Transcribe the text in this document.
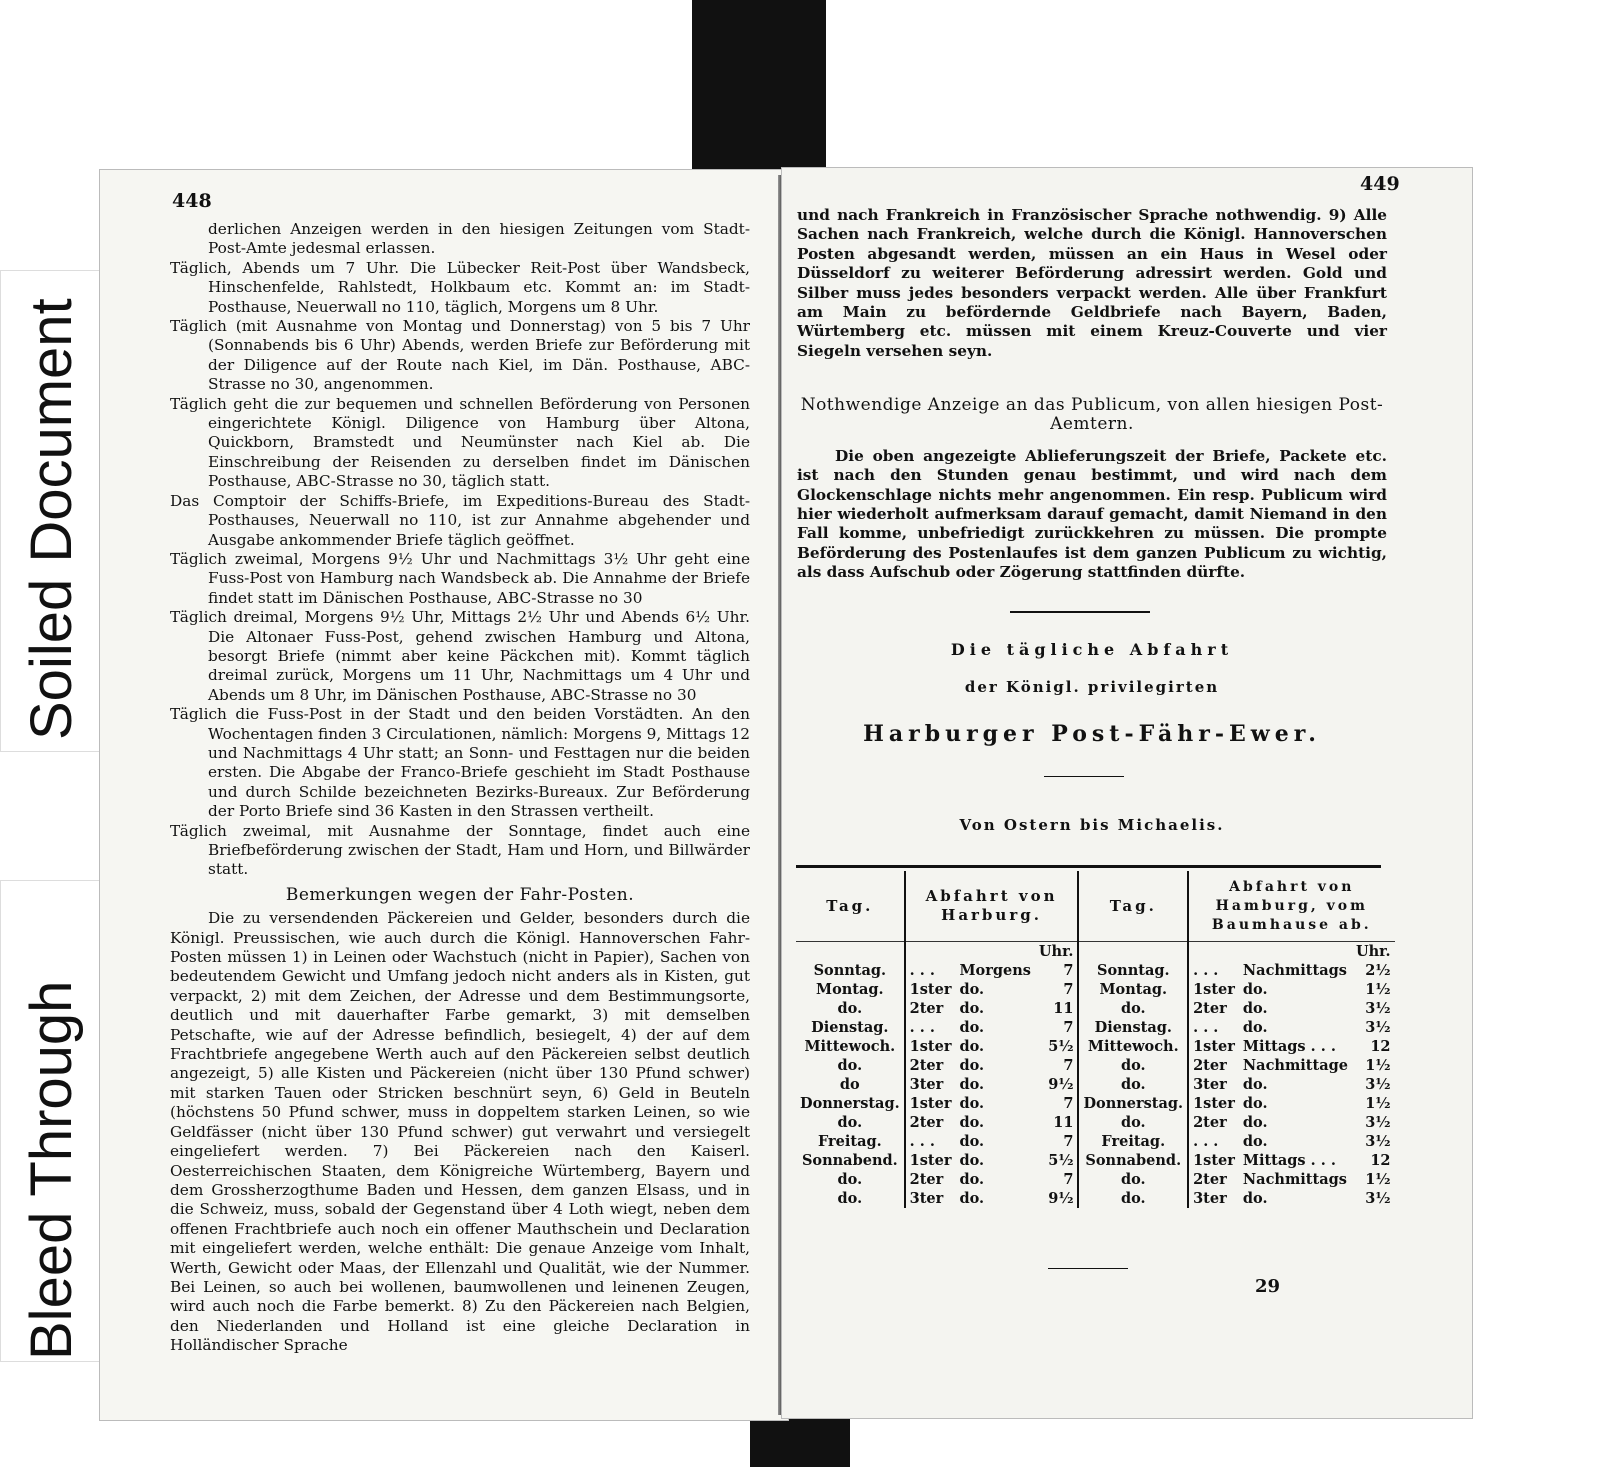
Soiled Document
Bleed Through
448

derlichen Anzeigen werden in den hiesigen Zeitungen vom Stadt-Post-Amte jedesmal erlassen.

Täglich, Abends um 7 Uhr. Die Lübecker Reit-Post über Wandsbeck, Hinschenfelde, Rahlstedt, Holkbaum etc. Kommt an: im Stadt-Posthause, Neuerwall no 110, täglich, Morgens um 8 Uhr.

Täglich (mit Ausnahme von Montag und Donnerstag) von 5 bis 7 Uhr (Sonnabends bis 6 Uhr) Abends, werden Briefe zur Beförderung mit der Diligence auf der Route nach Kiel, im Dän. Posthause, ABC-Strasse no 30, angenommen.

Täglich geht die zur bequemen und schnellen Beförderung von Personen eingerichtete Königl. Diligence von Hamburg über Altona, Quickborn, Bramstedt und Neumünster nach Kiel ab. Die Einschreibung der Reisenden zu derselben findet im Dänischen Posthause, ABC-Strasse no 30, täglich statt.

Das Comptoir der Schiffs-Briefe, im Expeditions-Bureau des Stadt-Posthauses, Neuerwall no 110, ist zur Annahme abgehender und Ausgabe ankommender Briefe täglich geöffnet.

Täglich zweimal, Morgens 9½ Uhr und Nachmittags 3½ Uhr geht eine Fuss-Post von Hamburg nach Wandsbeck ab. Die Annahme der Briefe findet statt im Dänischen Posthause, ABC-Strasse no 30

Täglich dreimal, Morgens 9½ Uhr, Mittags 2½ Uhr und Abends 6½ Uhr. Die Altonaer Fuss-Post, gehend zwischen Hamburg und Altona, besorgt Briefe (nimmt aber keine Päckchen mit). Kommt täglich dreimal zurück, Morgens um 11 Uhr, Nachmittags um 4 Uhr und Abends um 8 Uhr, im Dänischen Posthause, ABC-Strasse no 30

Täglich die Fuss-Post in der Stadt und den beiden Vorstädten. An den Wochentagen finden 3 Circulationen, nämlich: Morgens 9, Mittags 12 und Nachmittags 4 Uhr statt; an Sonn- und Festtagen nur die beiden ersten. Die Abgabe der Franco-Briefe geschieht im Stadt Posthause und durch Schilde bezeichneten Bezirks-Bureaux. Zur Beförderung der Porto Briefe sind 36 Kasten in den Strassen vertheilt.

Täglich zweimal, mit Ausnahme der Sonntage, findet auch eine Briefbeförderung zwischen der Stadt, Ham und Horn, und Billwärder statt.

Bemerkungen wegen der Fahr-Posten.

Die zu versendenden Päckereien und Gelder, besonders durch die Königl. Preussischen, wie auch durch die Königl. Hannoverschen Fahr-Posten müssen 1) in Leinen oder Wachstuch (nicht in Papier), Sachen von bedeutendem Gewicht und Umfang jedoch nicht anders als in Kisten, gut verpackt, 2) mit dem Zeichen, der Adresse und dem Bestimmungsorte, deutlich und mit dauerhafter Farbe gemarkt, 3) mit demselben Petschafte, wie auf der Adresse befindlich, besiegelt, 4) der auf dem Frachtbriefe angegebene Werth auch auf den Päckereien selbst deutlich angezeigt, 5) alle Kisten und Päckereien (nicht über 130 Pfund schwer) mit starken Tauen oder Stricken beschnürt seyn, 6) Geld in Beuteln (höchstens 50 Pfund schwer, muss in doppeltem starken Leinen, so wie Geldfässer (nicht über 130 Pfund schwer) gut verwahrt und versiegelt eingeliefert werden. 7) Bei Päckereien nach den Kaiserl. Oesterreichischen Staaten, dem Königreiche Würtemberg, Bayern und dem Grossherzogthume Baden und Hessen, dem ganzen Elsass, und in die Schweiz, muss, sobald der Gegenstand über 4 Loth wiegt, neben dem offenen Frachtbriefe auch noch ein offener Mauthschein und Declaration mit eingeliefert werden, welche enthält: Die genaue Anzeige vom Inhalt, Werth, Gewicht oder Maas, der Ellenzahl und Qualität, wie der Nummer. Bei Leinen, so auch bei wollenen, baumwollenen und leinenen Zeugen, wird auch noch die Farbe bemerkt. 8) Zu den Päckereien nach Belgien, den Niederlanden und Holland ist eine gleiche Declaration in Holländischer Sprache

449

und nach Frankreich in Französischer Sprache nothwendig. 9) Alle Sachen nach Frankreich, welche durch die Königl. Hannoverschen Posten abgesandt werden, müssen an ein Haus in Wesel oder Düsseldorf zu weiterer Beförderung adressirt werden. Gold und Silber muss jedes besonders verpackt werden. Alle über Frankfurt am Main zu befördernde Geldbriefe nach Bayern, Baden, Würtemberg etc. müssen mit einem Kreuz-Couverte und vier Siegeln versehen seyn.

Nothwendige Anzeige an das Publicum, von allen hiesigen Post-Aemtern.

Die oben angezeigte Ablieferungszeit der Briefe, Packete etc. ist nach den Stunden genau bestimmt, und wird nach dem Glockenschlage nichts mehr angenommen. Ein resp. Publicum wird hier wiederholt aufmerksam darauf gemacht, damit Niemand in den Fall komme, unbefriedigt zurückkehren zu müssen. Die prompte Beförderung des Postenlaufes ist dem ganzen Publicum zu wichtig, als dass Aufschub oder Zögerung stattfinden dürfte.

Die tägliche Abfahrt
der Königl. privilegirten
Harburger Post-Fähr-Ewer.
Von Ostern bis Michaelis.
Tag.	Abfahrt von Harburg.			Tag.	Abfahrt von Hamburg, vom Baumhause ab.		
			Uhr.				Uhr.
Sonntag.	. . .	Morgens	7	Sonntag.	. . .	Nachmittags	2½
Montag.	1ster	do.	7	Montag.	1ster	do.	1½
do.	2ter	do.	11	do.	2ter	do.	3½
Dienstag.	. . .	do.	7	Dienstag.	. . .	do.	3½
Mittewoch.	1ster	do.	5½	Mittewoch.	1ster	Mittags . . .	12
do.	2ter	do.	7	do.	2ter	Nachmittage	1½
do	3ter	do.	9½	do.	3ter	do.	3½
Donnerstag.	1ster	do.	7	Donnerstag.	1ster	do.	1½
do.	2ter	do.	11	do.	2ter	do.	3½
Freitag.	. . .	do.	7	Freitag.	. . .	do.	3½
Sonnabend.	1ster	do.	5½	Sonnabend.	1ster	Mittags . . .	12
do.	2ter	do.	7	do.	2ter	Nachmittags	1½
do.	3ter	do.	9½	do.	3ter	do.	3½
29
